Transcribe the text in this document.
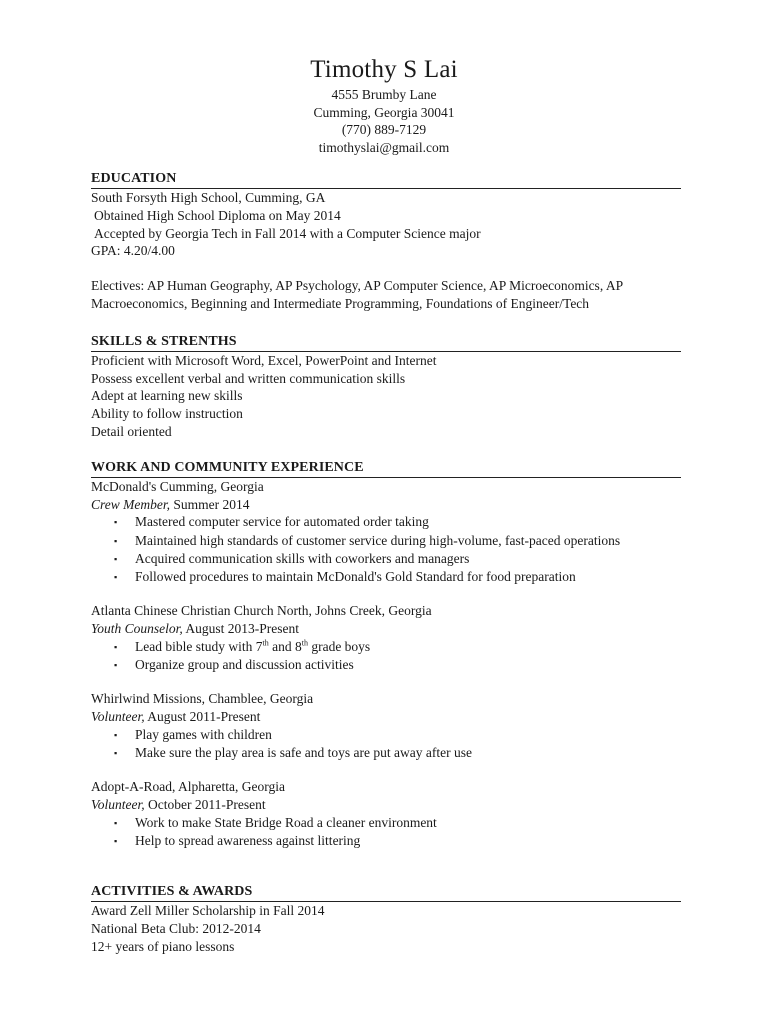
Timothy S Lai
4555 Brumby Lane
Cumming, Georgia 30041
(770) 889-7129
timothyslai@gmail.com
EDUCATION
South Forsyth High School, Cumming, GA
Obtained High School Diploma on May 2014
Accepted by Georgia Tech in Fall 2014 with a Computer Science major
GPA: 4.20/4.00
Electives: AP Human Geography, AP Psychology, AP Computer Science, AP Microeconomics, AP
Macroeconomics, Beginning and Intermediate Programming, Foundations of Engineer/Tech
SKILLS & STRENTHS
Proficient with Microsoft Word, Excel, PowerPoint and Internet
Possess excellent verbal and written communication skills
Adept at learning new skills
Ability to follow instruction
Detail oriented
WORK AND COMMUNITY EXPERIENCE
McDonald's Cumming, Georgia
Crew Member, Summer 2014
▪ Mastered computer service for automated order taking
▪ Maintained high standards of customer service during high-volume, fast-paced operations
▪ Acquired communication skills with coworkers and managers
▪ Followed procedures to maintain McDonald's Gold Standard for food preparation
Atlanta Chinese Christian Church North, Johns Creek, Georgia
Youth Counselor, August 2013-Present
▪ Lead bible study with 7th and 8th grade boys
▪ Organize group and discussion activities
Whirlwind Missions, Chamblee, Georgia
Volunteer, August 2011-Present
▪ Play games with children
▪ Make sure the play area is safe and toys are put away after use
Adopt-A-Road, Alpharetta, Georgia
Volunteer, October 2011-Present
▪ Work to make State Bridge Road a cleaner environment
▪ Help to spread awareness against littering
ACTIVITIES & AWARDS
Award Zell Miller Scholarship in Fall 2014
National Beta Club: 2012-2014
12+ years of piano lessons
